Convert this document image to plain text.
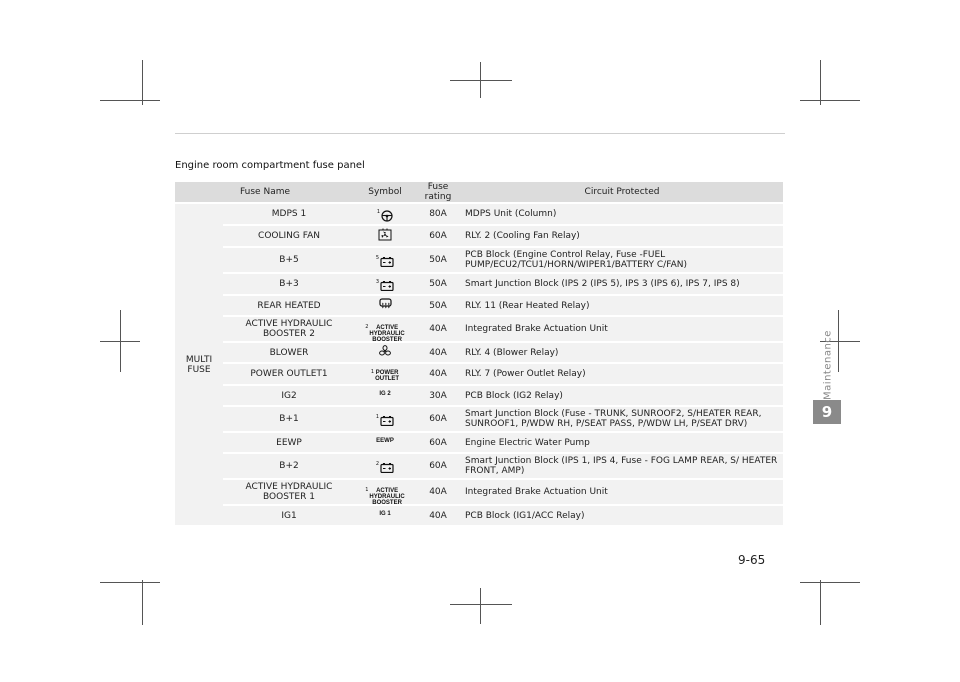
Engine room compartment fuse panel
Fuse Name		Symbol	Fuse rating	Circuit Protected
MULTI
FUSE	MDPS 1	1	80A	MDPS Unit (Column)
	COOLING FAN		60A	RLY. 2 (Cooling Fan Relay)
	B+5	5	50A	PCB Block (Engine Control Relay, Fuse -FUEL PUMP/ECU2/TCU1/HORN/WIPER1/BATTERY C/FAN)
	B+3	3	50A	Smart Junction Block (IPS 2 (IPS 5), IPS 3 (IPS 6), IPS 7, IPS 8)
	REAR HEATED		50A	RLY. 11 (Rear Heated Relay)
	ACTIVE HYDRAULIC BOOSTER 2	2 ACTIVE
HYDRAULIC
BOOSTER	40A	Integrated Brake Actuation Unit
	BLOWER		40A	RLY. 4 (Blower Relay)
	POWER OUTLET1	1 POWER
OUTLET	40A	RLY. 7 (Power Outlet Relay)
	IG2	IG 2	30A	PCB Block (IG2 Relay)
	B+1	1	60A	Smart Junction Block (Fuse - TRUNK, SUNROOF2, S/HEATER REAR, SUNROOF1, P/WDW RH, P/SEAT PASS, P/WDW LH, P/SEAT DRV)
	EEWP	EEWP	60A	Engine Electric Water Pump
	B+2	2	60A	Smart Junction Block (IPS 1, IPS 4, Fuse - FOG LAMP REAR, S/ HEATER FRONT, AMP)
	ACTIVE HYDRAULIC BOOSTER 1	1 ACTIVE
HYDRAULIC
BOOSTER	40A	Integrated Brake Actuation Unit
	IG1	IG 1	40A	PCB Block (IG1/ACC Relay)
Maintenance
9
9-65
